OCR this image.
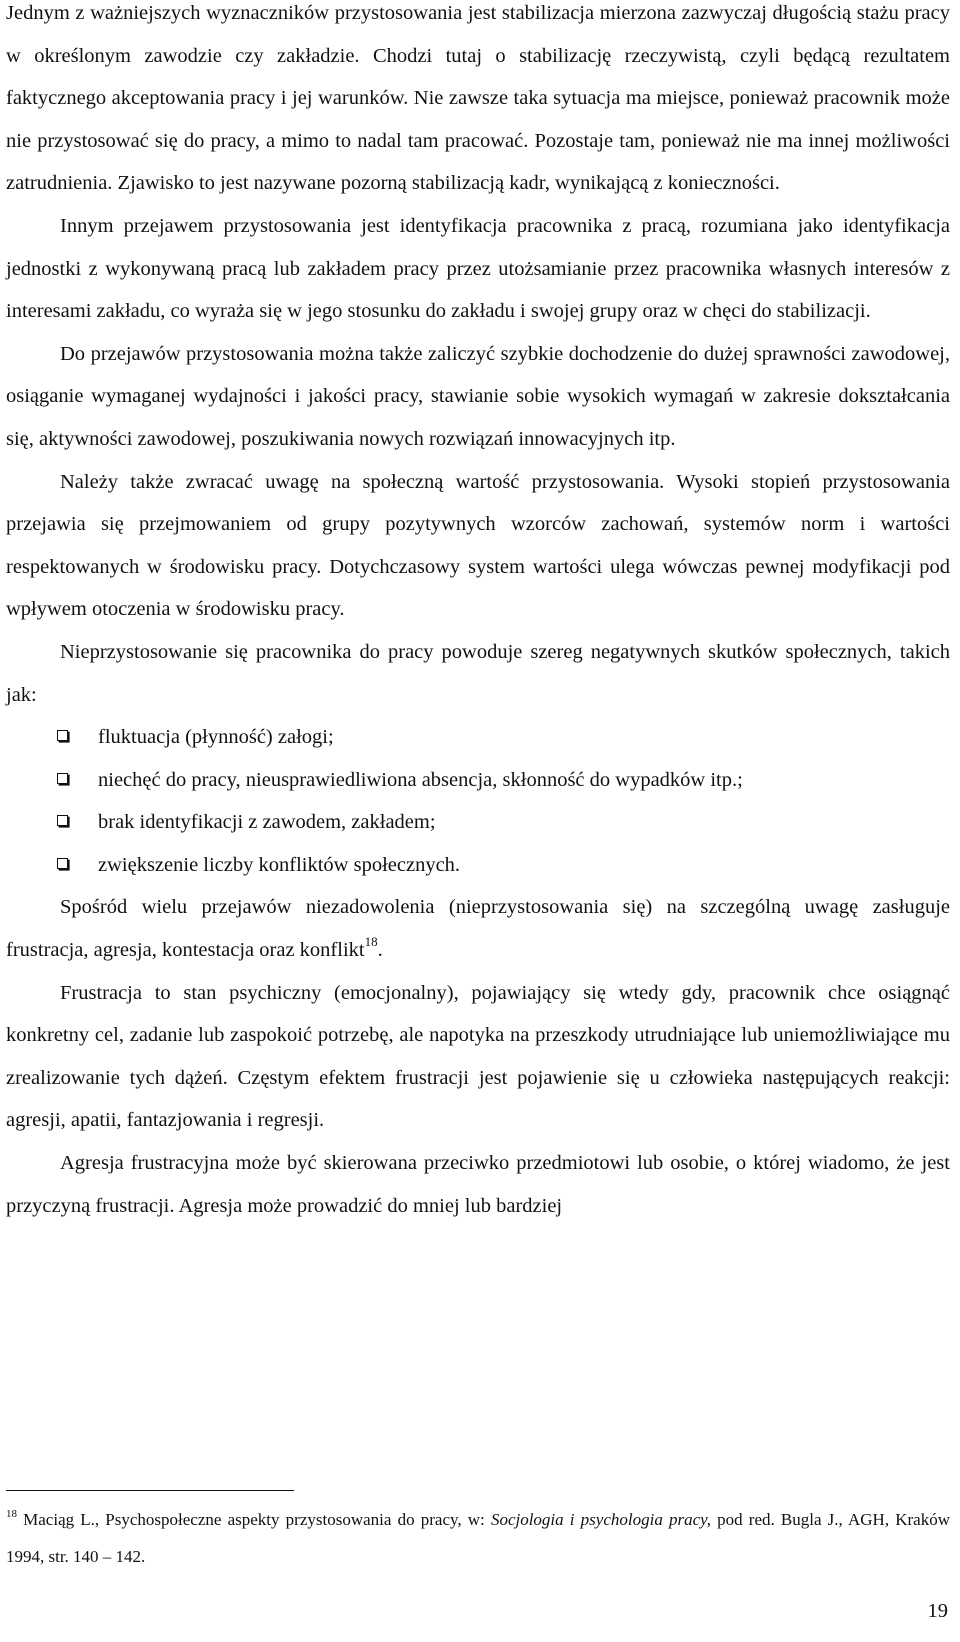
Jednym z ważniejszych wyznaczników przystosowania jest stabilizacja mierzona zazwyczaj długością stażu pracy w określonym zawodzie czy zakładzie. Chodzi tutaj o stabilizację rzeczywistą, czyli będącą rezultatem faktycznego akceptowania pracy i jej warunków. Nie zawsze taka sytuacja ma miejsce, ponieważ pracownik może nie przystosować się do pracy, a mimo to nadal tam pracować. Pozostaje tam, ponieważ nie ma innej możliwości zatrudnienia. Zjawisko to jest nazywane pozorną stabilizacją kadr, wynikającą z konieczności.

Innym przejawem przystosowania jest identyfikacja pracownika z pracą, rozumiana jako identyfikacja jednostki z wykonywaną pracą lub zakładem pracy przez utożsamianie przez pracownika własnych interesów z interesami zakładu, co wyraża się w jego stosunku do zakładu i swojej grupy oraz w chęci do stabilizacji.

Do przejawów przystosowania można także zaliczyć szybkie dochodzenie do dużej sprawności zawodowej, osiąganie wymaganej wydajności i jakości pracy, stawianie sobie wysokich wymagań w zakresie dokształcania się, aktywności zawodowej, poszukiwania nowych rozwiązań innowacyjnych itp.

Należy także zwracać uwagę na społeczną wartość przystosowania. Wysoki stopień przystosowania przejawia się przejmowaniem od grupy pozytywnych wzorców zachowań, systemów norm i wartości respektowanych w środowisku pracy. Dotychczasowy system wartości ulega wówczas pewnej modyfikacji pod wpływem otoczenia w środowisku pracy.

Nieprzystosowanie się pracownika do pracy powoduje szereg negatywnych skutków społecznych, takich jak:

fluktuacja (płynność) załogi;
niechęć do pracy, nieusprawiedliwiona absencja, skłonność do wypadków itp.;
brak identyfikacji z zawodem, zakładem;
zwiększenie liczby konfliktów społecznych.

Spośród wielu przejawów niezadowolenia (nieprzystosowania się) na szczególną uwagę zasługuje frustracja, agresja, kontestacja oraz konflikt$^{18}$.

Frustracja to stan psychiczny (emocjonalny), pojawiający się wtedy gdy, pracownik chce osiągnąć konkretny cel, zadanie lub zaspokoić potrzebę, ale napotyka na przeszkody utrudniające lub uniemożliwiające mu zrealizowanie tych dążeń. Częstym efektem frustracji jest pojawienie się u człowieka następujących reakcji: agresji, apatii, fantazjowania i regresji.

Agresja frustracyjna może być skierowana przeciwko przedmiotowi lub osobie, o której wiadomo, że jest przyczyną frustracji. Agresja może prowadzić do mniej lub bardziej

$^{18}$ Maciąg L., Psychospołeczne aspekty przystosowania do pracy, w: Socjologia i psychologia pracy, pod red. Bugla J., AGH, Kraków 1994, str. 140 – 142.

19
